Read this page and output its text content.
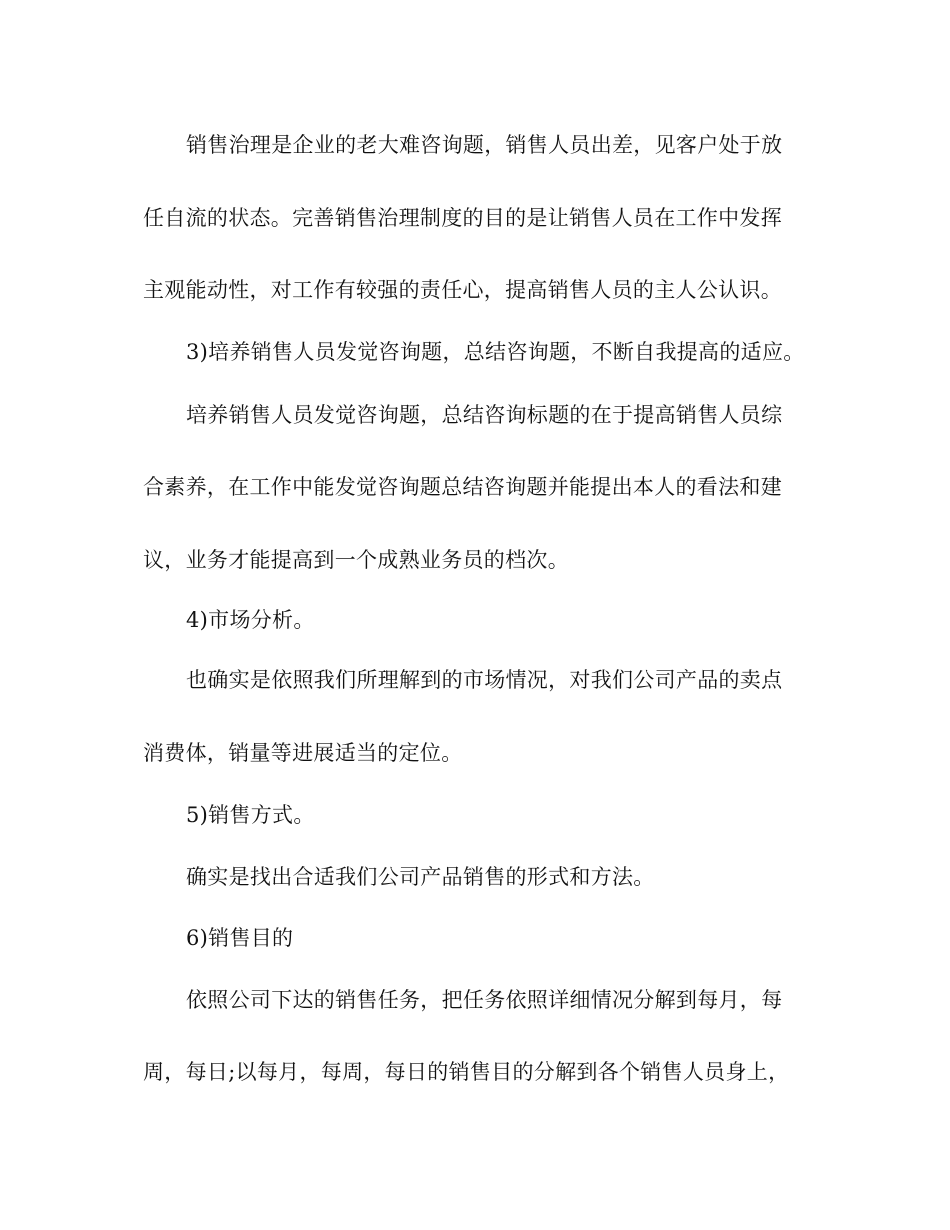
销售治理是企业的老大难咨询题，销售人员出差，见客户处于放
任自流的状态。完善销售治理制度的目的是让销售人员在工作中发挥
主观能动性，对工作有较强的责任心，提高销售人员的主人公认识。
3)培养销售人员发觉咨询题，总结咨询题，不断自我提高的适应。
培养销售人员发觉咨询题，总结咨询标题的在于提高销售人员综
合素养，在工作中能发觉咨询题总结咨询题并能提出本人的看法和建
议，业务才能提高到一个成熟业务员的档次。
4)市场分析。
也确实是依照我们所理解到的市场情况，对我们公司产品的卖点
消费体，销量等进展适当的定位。
5)销售方式。
确实是找出合适我们公司产品销售的形式和方法。
6)销售目的
依照公司下达的销售任务，把任务依照详细情况分解到每月，每
周，每日;以每月，每周，每日的销售目的分解到各个销售人员身上，
